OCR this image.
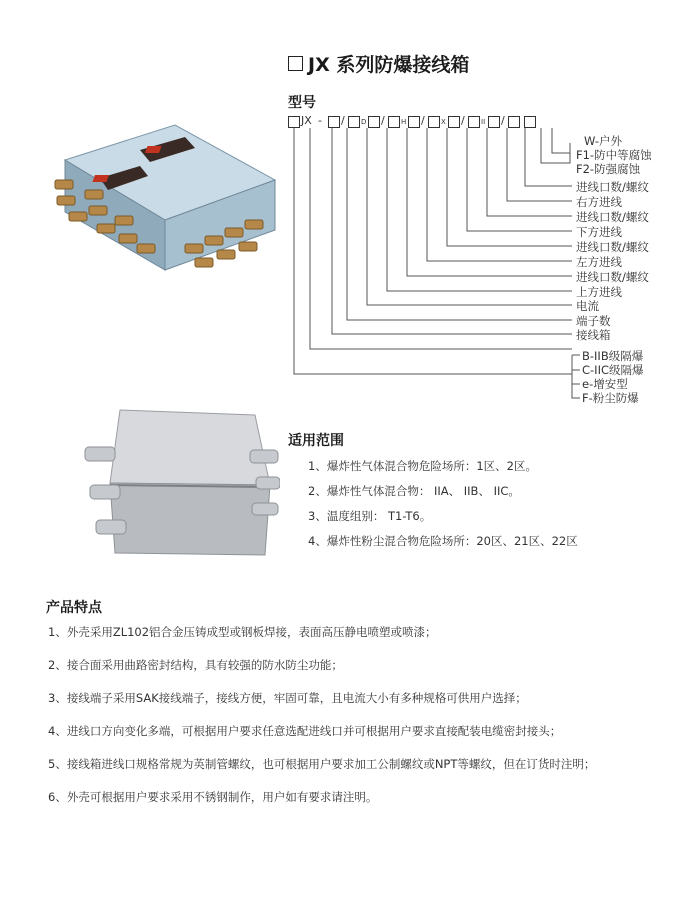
JX 系列防爆接线箱
型号
JX - / D / H / X / II /
W-户外
F1-防中等腐蚀
F2-防强腐蚀
进线口数/螺纹
右方进线
进线口数/螺纹
下方进线
进线口数/螺纹
左方进线
进线口数/螺纹
上方进线
电流
端子数
接线箱
B-IIB级隔爆
C-IIC级隔爆
e-增安型
F-粉尘防爆
适用范围
1、爆炸性气体混合物危险场所：1区、2区。
2、爆炸性气体混合物： IIA、 IIB、 IIC。
3、温度组别： T1-T6。
4、爆炸性粉尘混合物危险场所：20区、21区、22区
产品特点
1、外壳采用ZL102铝合金压铸成型或钢板焊接，表面高压静电喷塑或喷漆；
2、接合面采用曲路密封结构，具有较强的防水防尘功能；
3、接线端子采用SAK接线端子，接线方便，牢固可靠，且电流大小有多种规格可供用户选择；
4、进线口方向变化多端，可根据用户要求任意选配进线口并可根据用户要求直接配装电缆密封接头；
5、接线箱进线口规格常规为英制管螺纹，也可根据用户要求加工公制螺纹或NPT等螺纹，但在订货时注明；
6、外壳可根据用户要求采用不锈钢制作，用户如有要求请注明。
